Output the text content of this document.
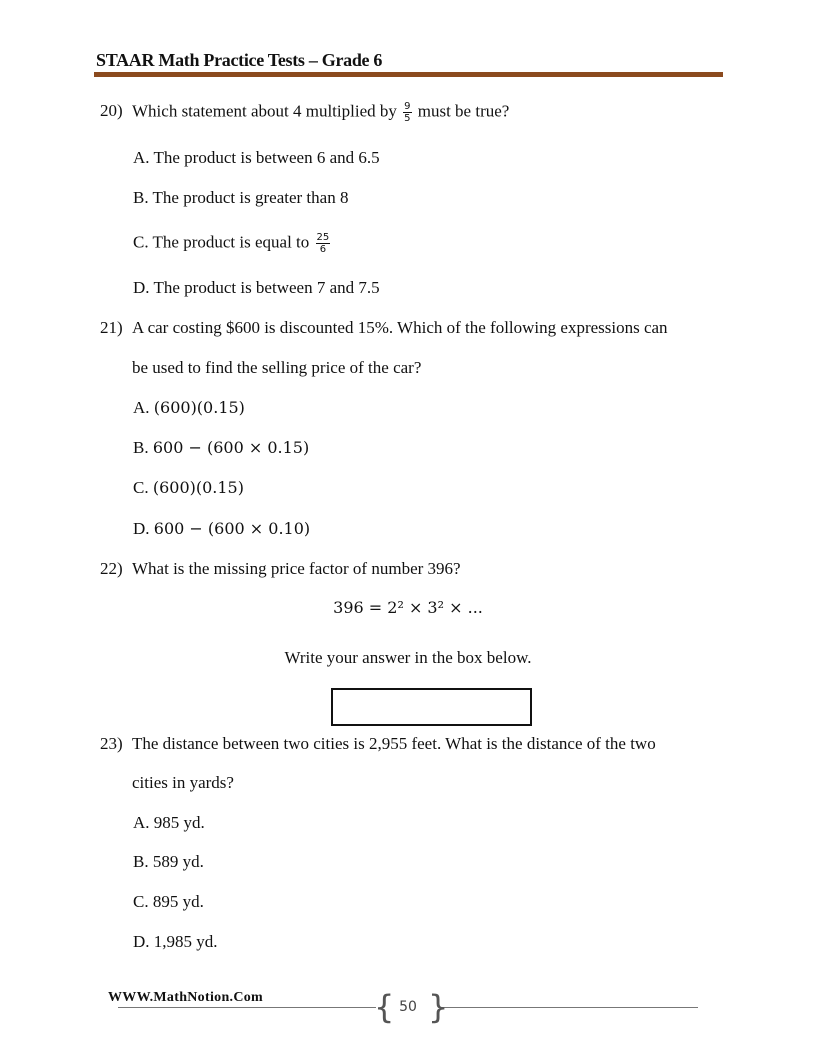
STAAR Math Practice Tests – Grade 6
20) Which statement about 4 multiplied by $\frac{9}{5}$ must be true?
A. The product is between 6 and 6.5
B. The product is greater than 8
C. The product is equal to $\frac{25}{6}$
D. The product is between 7 and 7.5
21) A car costing $600 is discounted 15%. Which of the following expressions can
be used to find the selling price of the car?
A. (600)(0.15)
B. 600 − (600 × 0.15)
C. (600)(0.15)
D. 600 − (600 × 0.10)
22) What is the missing price factor of number 396?
396 = 2² × 3² × ...
Write your answer in the box below.
23) The distance between two cities is 2,955 feet. What is the distance of the two
cities in yards?
A. 985 yd.
B. 589 yd.
C. 895 yd.
D. 1,985 yd.
WWW.MathNotion.Com	{ 50 }
